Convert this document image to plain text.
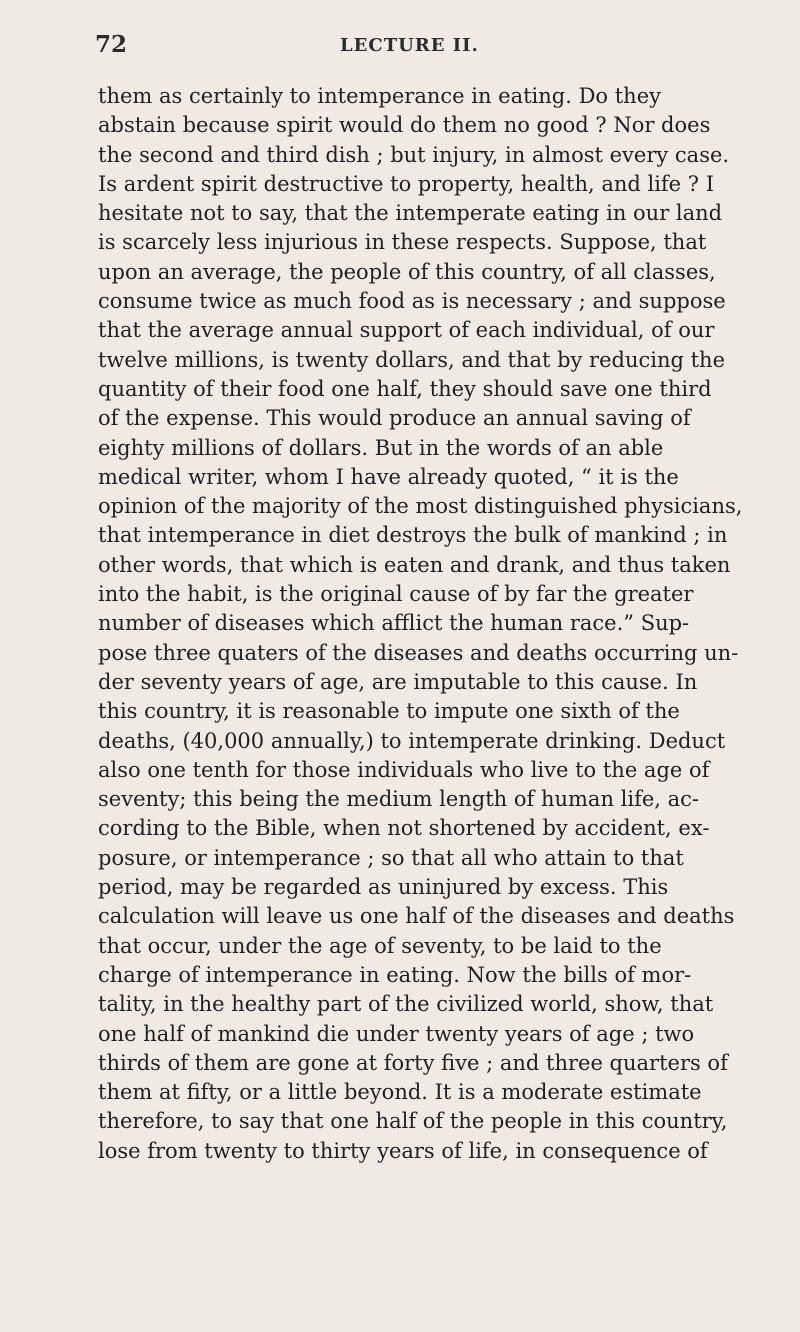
72	LECTURE II.

them as certainly to intemperance in eating. Do they
abstain because spirit would do them no good ? Nor does
the second and third dish ; but injury, in almost every case.
Is ardent spirit destructive to property, health, and life ? I
hesitate not to say, that the intemperate eating in our land
is scarcely less injurious in these respects. Suppose, that
upon an average, the people of this country, of all classes,
consume twice as much food as is necessary ; and suppose
that the average annual support of each individual, of our
twelve millions, is twenty dollars, and that by reducing the
quantity of their food one half, they should save one third
of the expense. This would produce an annual saving of
eighty millions of dollars. But in the words of an able
medical writer, whom I have already quoted, “ it is the
opinion of the majority of the most distinguished physicians,
that intemperance in diet destroys the bulk of mankind ; in
other words, that which is eaten and drank, and thus taken
into the habit, is the original cause of by far the greater
number of diseases which afflict the human race.” Sup-
pose three quaters of the diseases and deaths occurring un-
der seventy years of age, are imputable to this cause. In
this country, it is reasonable to impute one sixth of the
deaths, (40,000 annually,) to intemperate drinking. Deduct
also one tenth for those individuals who live to the age of
seventy; this being the medium length of human life, ac-
cording to the Bible, when not shortened by accident, ex-
posure, or intemperance ; so that all who attain to that
period, may be regarded as uninjured by excess. This
calculation will leave us one half of the diseases and deaths
that occur, under the age of seventy, to be laid to the
charge of intemperance in eating. Now the bills of mor-
tality, in the healthy part of the civilized world, show, that
one half of mankind die under twenty years of age ; two
thirds of them are gone at forty five ; and three quarters of
them at fifty, or a little beyond. It is a moderate estimate
therefore, to say that one half of the people in this country,
lose from twenty to thirty years of life, in consequence of
